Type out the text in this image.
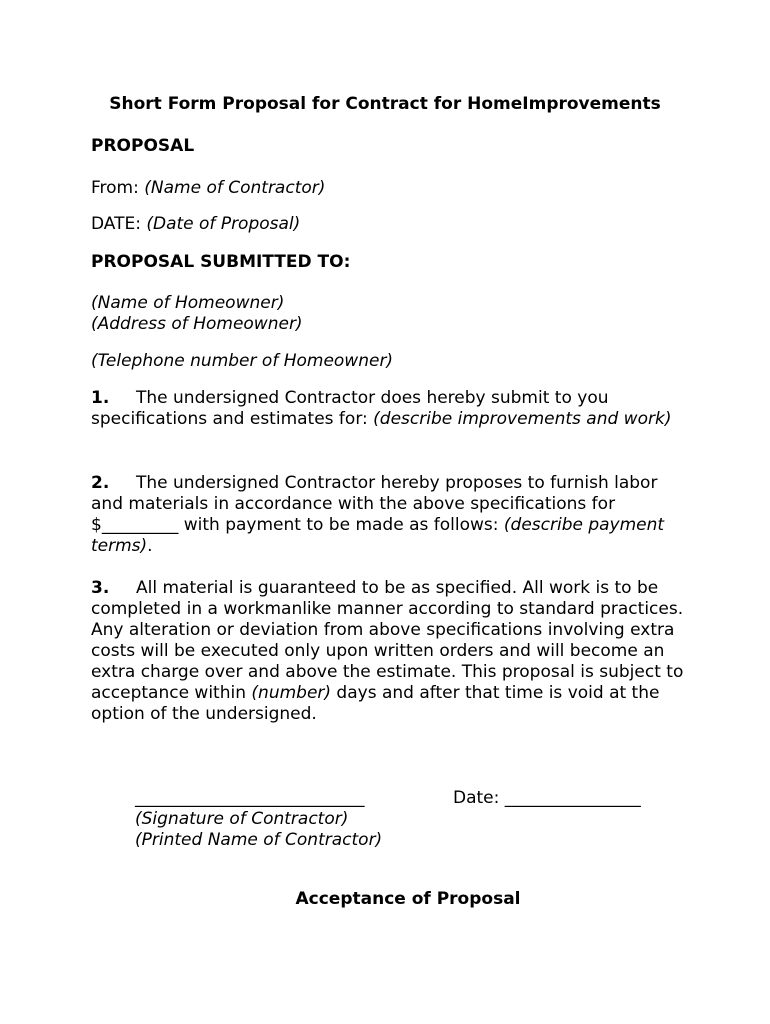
Short Form Proposal for Contract for HomeImprovements
PROPOSAL
From: (Name of Contractor)
DATE: (Date of Proposal)
PROPOSAL SUBMITTED TO:
(Name of Homeowner)
(Address of Homeowner)
(Telephone number of Homeowner)

1. The undersigned Contractor does hereby submit to you specifications and estimates for: (describe improvements and work)

2. The undersigned Contractor hereby proposes to furnish labor and materials in accordance with the above specifications for $_________ with payment to be made as follows: (describe payment terms).

3. All material is guaranteed to be as specified. All work is to be completed in a workmanlike manner according to standard practices. Any alteration or deviation from above specifications involving extra costs will be executed only upon written orders and will become an extra charge over and above the estimate. This proposal is subject to acceptance within (number) days and after that time is void at the option of the undersigned.

___________________________	Date: ________________
(Signature of Contractor)
(Printed Name of Contractor)
Acceptance of Proposal
